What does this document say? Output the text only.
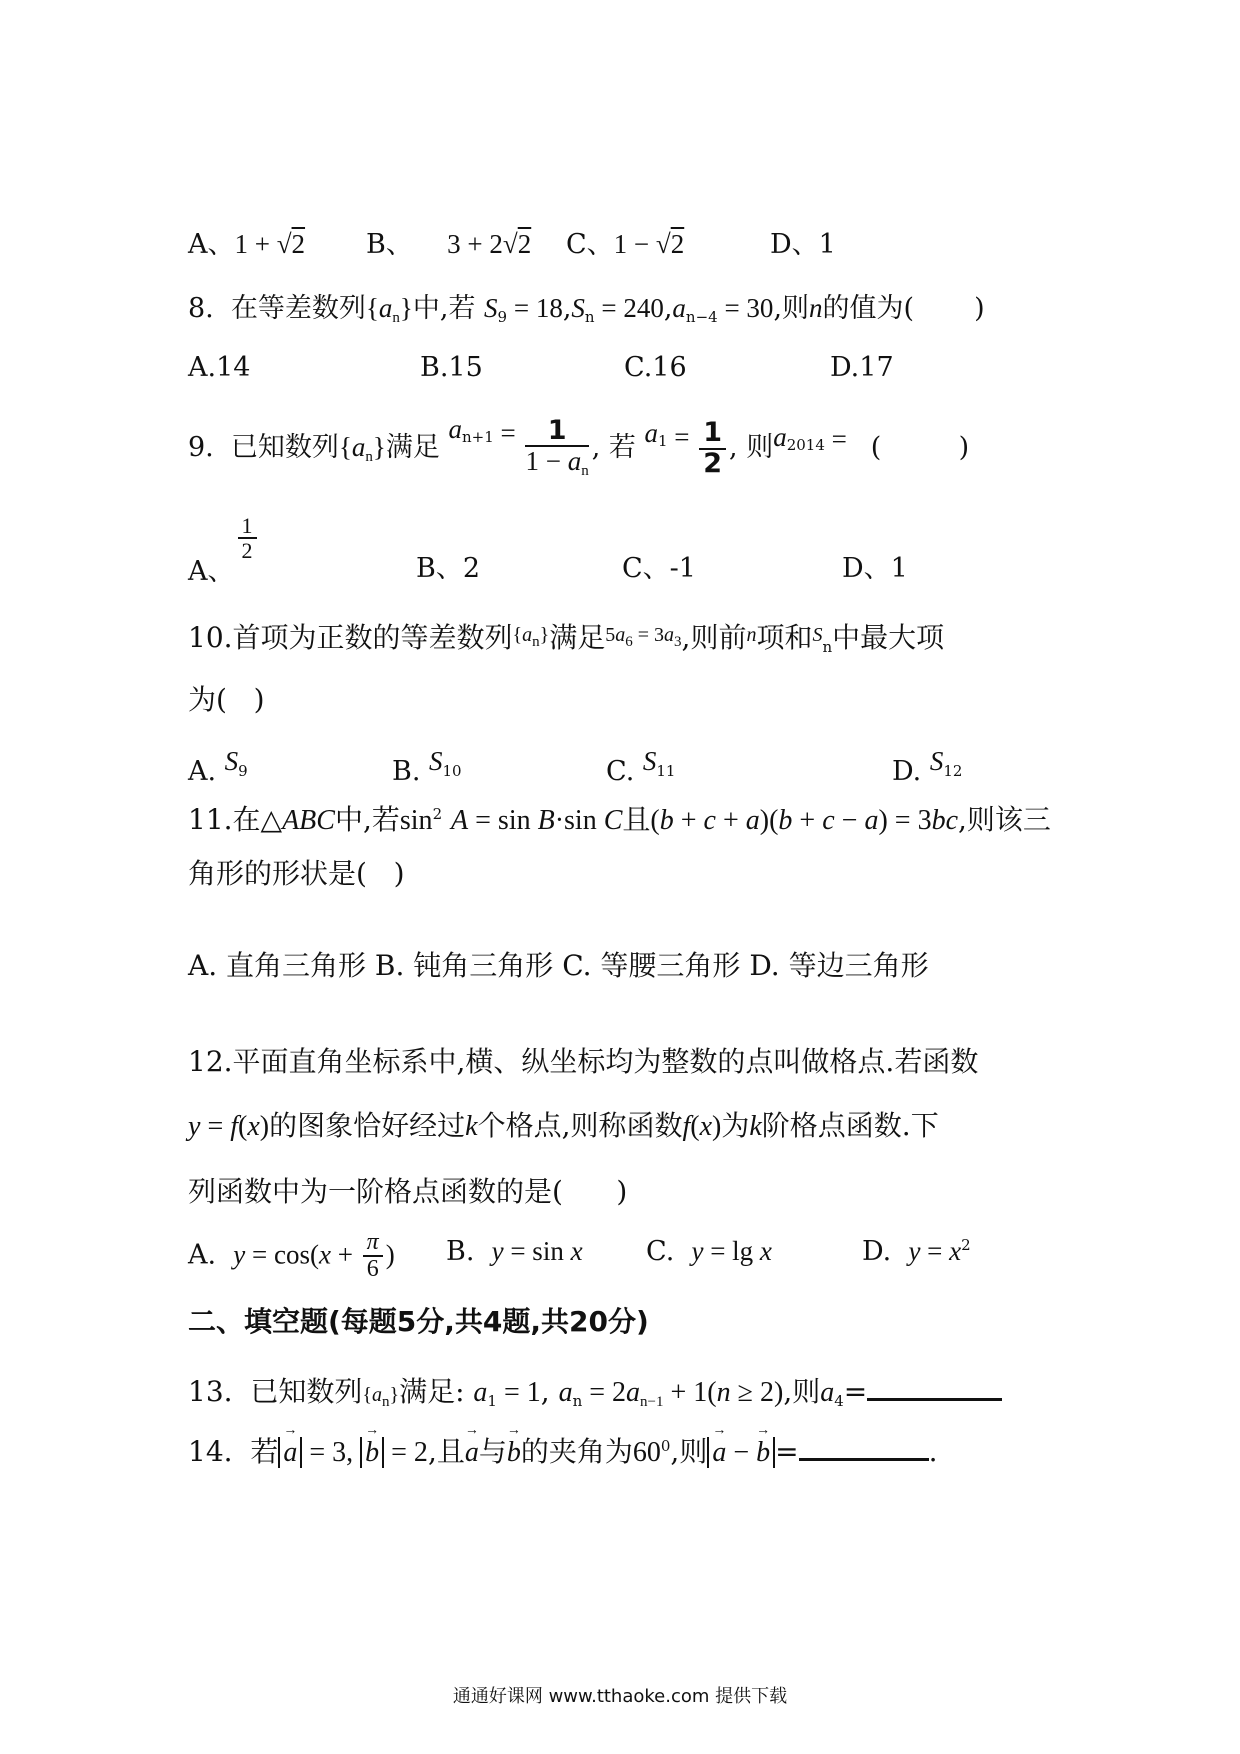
A、1 + √2 B、    3 + 2√2 C、1 − √2	D、1
8.  在等差数列$\{a_n\}$中,若 $S_9 = 18,S_n = 240,a_{n-4} = 30$,则n的值为(       )
A.14	B.15	C.16	D.17
9.  已知数列$\{a_n\}$满足 $a_{n+1} = \frac{1}{1 - a_n}$ , 若 $a_1 = \frac{1}{2}$ , 则$a_{2014}$ =   (         )
A、
$\frac{1}{2}$
B、2	C、-1	D、1
10.首项为正数的等差数列$^{\{a_n\}}$满足$^{5a_6 = 3a_3}$,则前$^n$项和$^S_n$中最大项
为(   )
A. $S_9$	B. $S_{10}$	C. $S_{11}$	D. $S_{12}$
11.在△ABC中,若$\sin^2 A = \sin B\cdot\sin$ C且(b + c + a)(b + c − a) = 3bc,则该三
角形的形状是(   )
A. 直角三角形 B. 钝角三角形 C. 等腰三角形 D. 等边三角形
12.平面直角坐标系中,横、纵坐标均为整数的点叫做格点.若函数
y = f(x)的图象恰好经过k个格点,则称函数f(x)为k阶格点函数.下
列函数中为一阶格点函数的是(      )
A.  $y = \cos(x + \frac{\pi}{6}$ ) B.  y = sin x C.  y = lg x	D.  $y = x^2$
二、填空题(每题5分,共4题,共20分)
13.  已知数列$\{a_n\}$满足: $a_1 = 1$, $a_n = 2a_{n-1} + 1(n \ge 2)$,则$a_4=$
14.  若 → a = 3, → b = 2,且→ a与→ b的夹角为$60^0$,则 → a − → b =	.
通通好课网 www.tthaoke.com 提供下载
